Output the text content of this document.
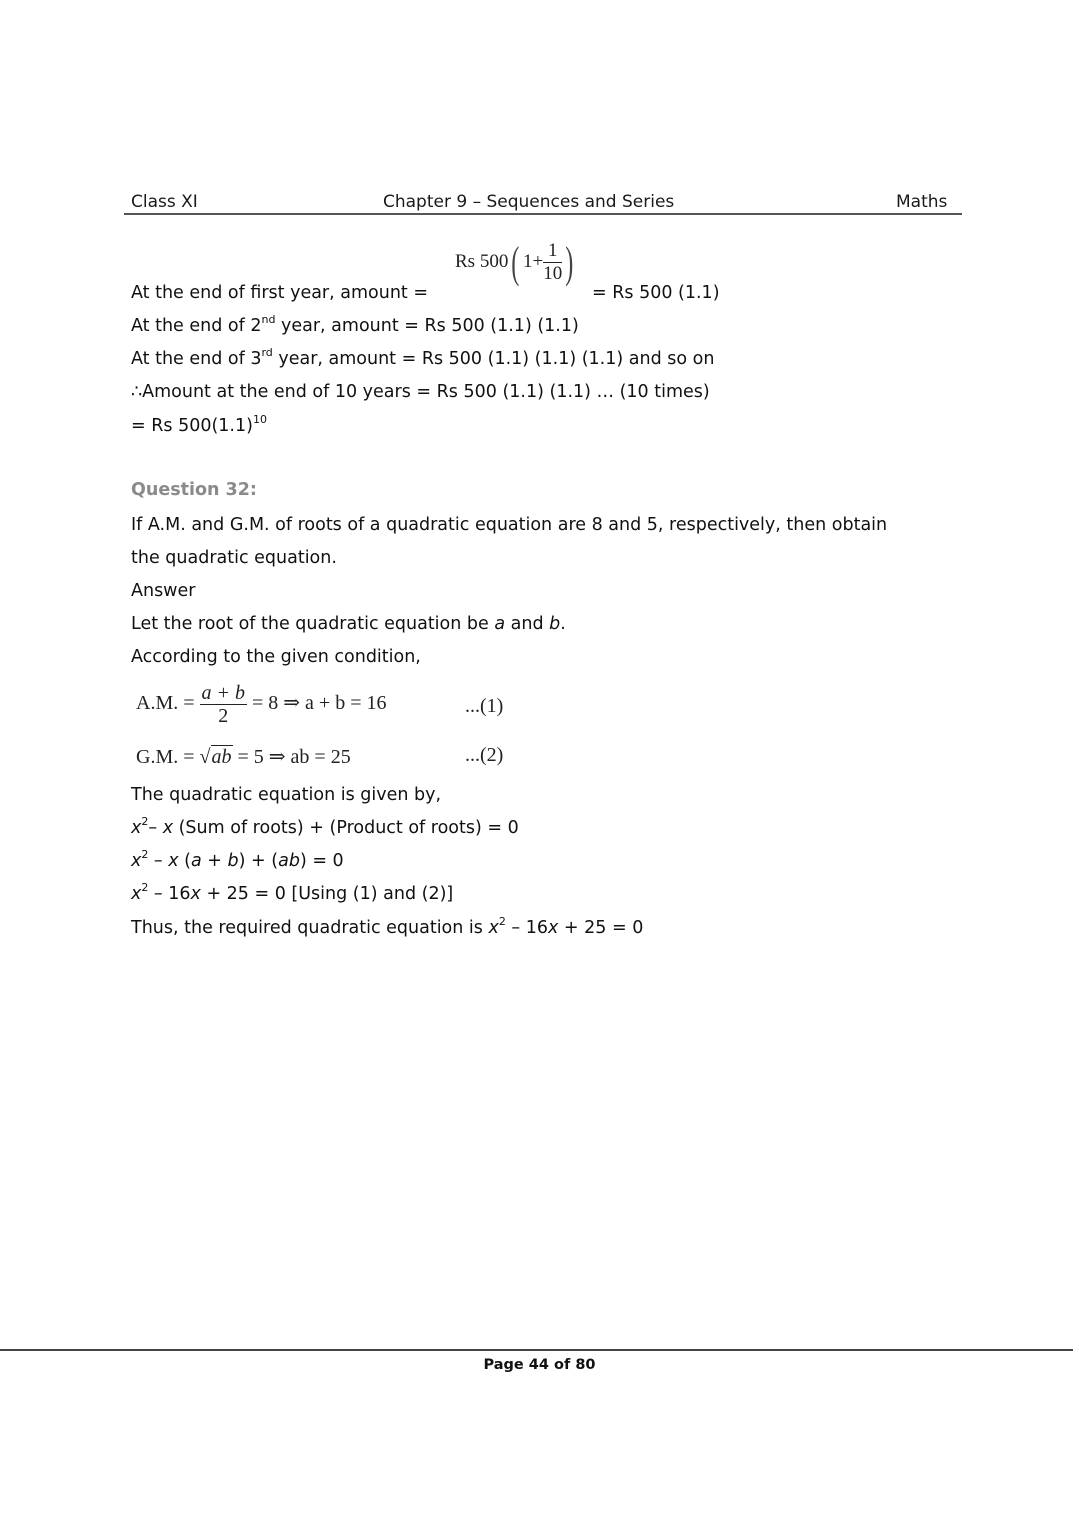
Class XI	Chapter 9 – Sequences and Series	Maths
At the end of first year, amount =
Rs 500( $1+ \frac{1}{10}$ )
= Rs 500 (1.1)
At the end of 2nd year, amount = Rs 500 (1.1) (1.1)
At the end of 3rd year, amount = Rs 500 (1.1) (1.1) (1.1) and so on
∴Amount at the end of 10 years = Rs 500 (1.1) (1.1) … (10 times)
= Rs $500(1.1)^{10}$
Question 32:
If A.M. and G.M. of roots of a quadratic equation are 8 and 5, respectively, then obtain
the quadratic equation.
Answer
Let the root of the quadratic equation be a and b.
According to the given condition,
A.M. = $\frac{a + b}{2} = 8$ ⇒ a + b = 16	...(1)
G.M. = √ab = 5 ⇒ ab = 25	...(2)
The quadratic equation is given by,
$x^2-$ x (Sum of roots) + (Product of roots) = 0
$x^2$ – x (a + b) + (ab) = 0
$x^2 - 16x + 25 = 0$ [Using (1) and (2)]
Thus, the required quadratic equation is $x^2 - 16x + 25 = 0$
Page 44 of 80
